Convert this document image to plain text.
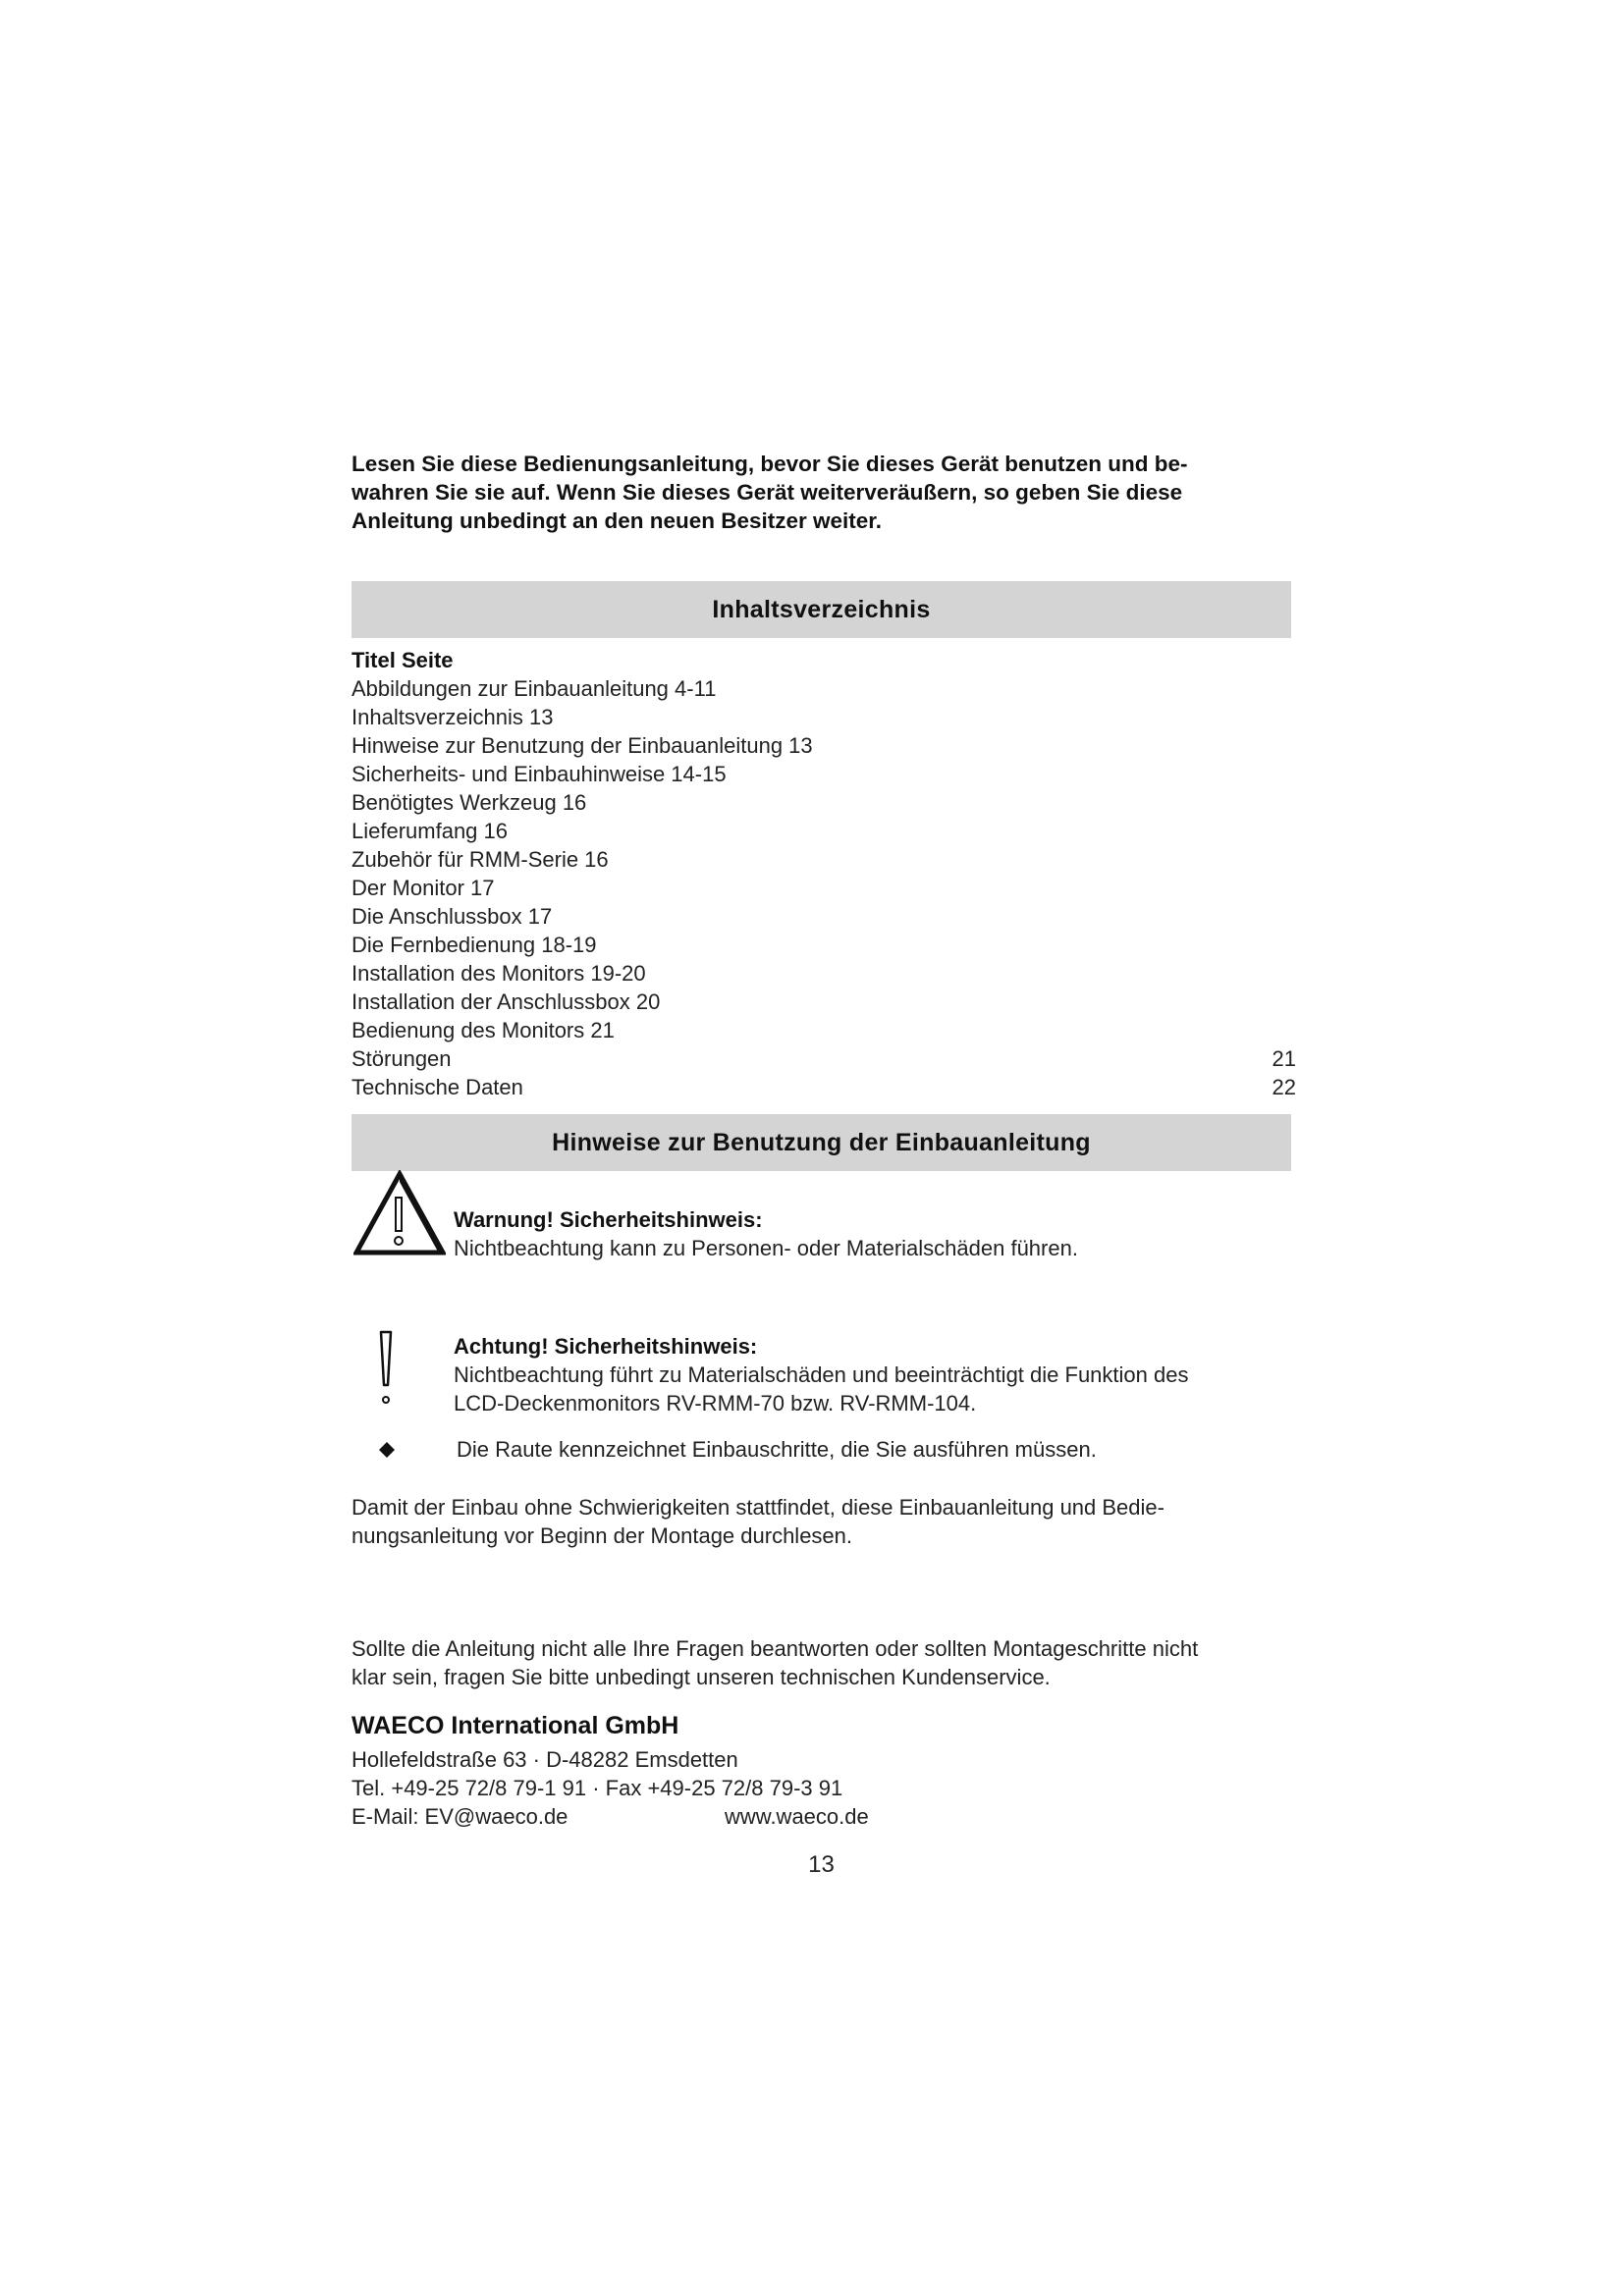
Lesen Sie diese Bedienungsanleitung, bevor Sie dieses Gerät benutzen und be-
wahren Sie sie auf. Wenn Sie dieses Gerät weiterveräußern, so geben Sie diese
Anleitung unbedingt an den neuen Besitzer weiter.
Inhaltsverzeichnis
Titel Seite
Abbildungen zur Einbauanleitung 4-11
Inhaltsverzeichnis 13
Hinweise zur Benutzung der Einbauanleitung 13
Sicherheits- und Einbauhinweise 14-15
Benötigtes Werkzeug 16
Lieferumfang 16
Zubehör für RMM-Serie 16
Der Monitor 17
Die Anschlussbox 17
Die Fernbedienung 18-19
Installation des Monitors 19-20
Installation der Anschlussbox 20
Bedienung des Monitors 21
Störungen	21
Technische Daten	22
Hinweise zur Benutzung der Einbauanleitung
Warnung! Sicherheitshinweis:
Nichtbeachtung kann zu Personen- oder Materialschäden führen.
Achtung! Sicherheitshinweis:
Nichtbeachtung führt zu Materialschäden und beeinträchtigt die Funktion des
LCD-Deckenmonitors RV-RMM-70 bzw. RV-RMM-104.
Die Raute kennzeichnet Einbauschritte, die Sie ausführen müssen.
Damit der Einbau ohne Schwierigkeiten stattfindet, diese Einbauanleitung und Bedie-
nungsanleitung vor Beginn der Montage durchlesen.
Sollte die Anleitung nicht alle Ihre Fragen beantworten oder sollten Montageschritte nicht
klar sein, fragen Sie bitte unbedingt unseren technischen Kundenservice.
WAECO International GmbH
Hollefeldstraße 63 · D-48282 Emsdetten
Tel. +49-25 72/8 79-1 91 · Fax +49-25 72/8 79-3 91
E-Mail: EV@waeco.de	www.waeco.de
13
